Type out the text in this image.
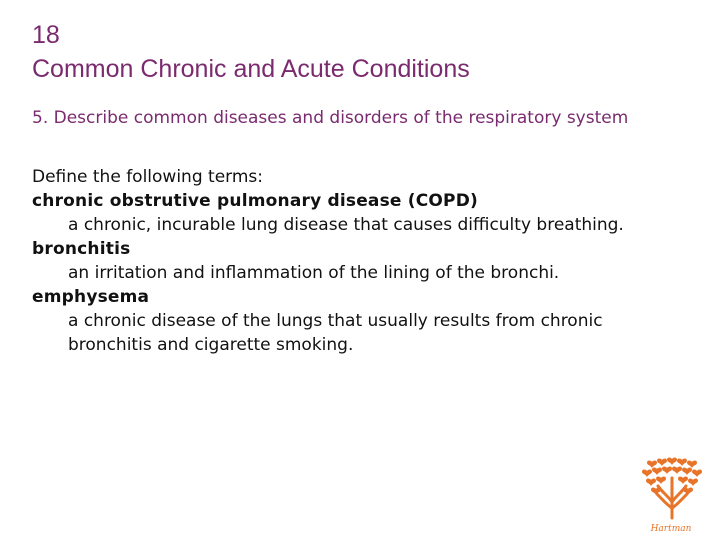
18
Common Chronic and Acute Conditions
5. Describe common diseases and disorders of the respiratory system

Define the following terms:

chronic obstrutive pulmonary disease (COPD)

a chronic, incurable lung disease that causes difficulty breathing.

bronchitis

an irritation and inflammation of the lining of the bronchi.

emphysema

a chronic disease of the lungs that usually results from chronic bronchitis and cigarette smoking.

Hartman
